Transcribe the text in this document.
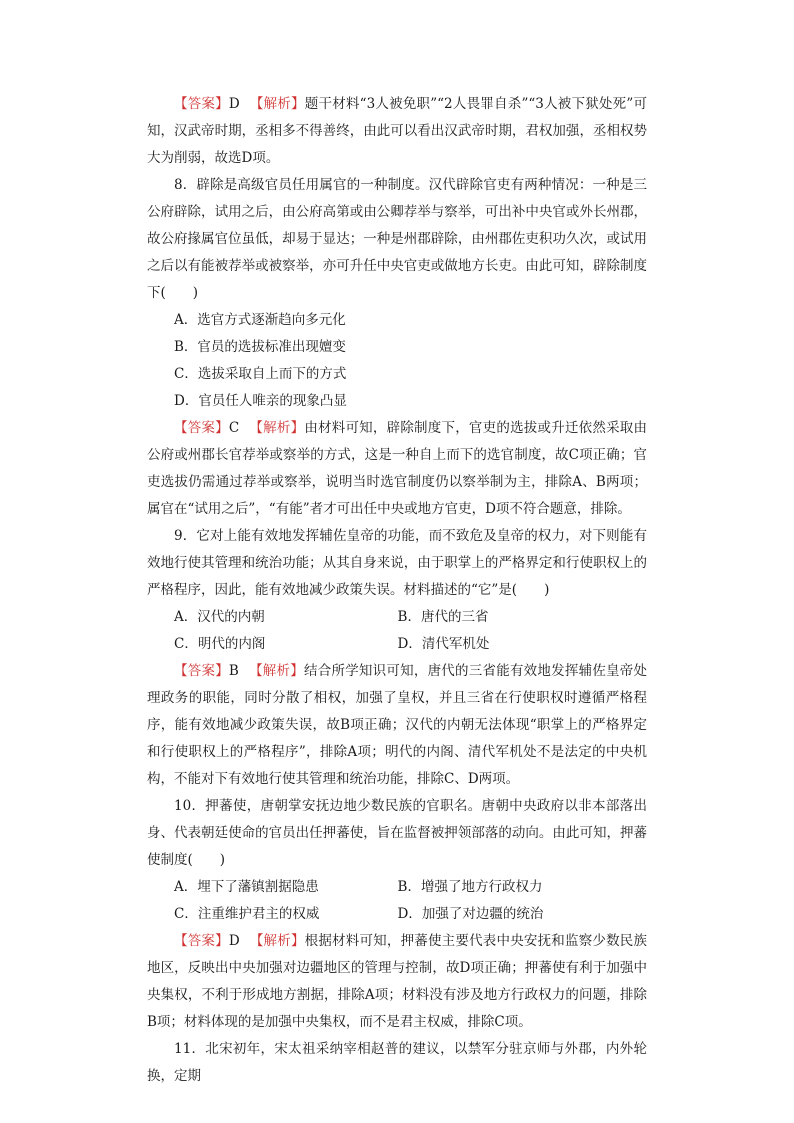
【答案】D 【解析】题干材料“3人被免职”“2人畏罪自杀”“3人被下狱处死”可知，汉武帝时期，丞相多不得善终，由此可以看出汉武帝时期，君权加强，丞相权势大为削弱，故选D项。

8．辟除是高级官员任用属官的一种制度。汉代辟除官吏有两种情况：一种是三公府辟除，试用之后，由公府高第或由公卿荐举与察举，可出补中央官或外长州郡，故公府掾属官位虽低，却易于显达；一种是州郡辟除，由州郡佐吏积功久次，或试用之后以有能被荐举或被察举，亦可升任中央官吏或做地方长吏。由此可知，辟除制度下(　　)

A．选官方式逐渐趋向多元化

B．官员的选拔标准出现嬗变

C．选拔采取自上而下的方式

D．官员任人唯亲的现象凸显

【答案】C 【解析】由材料可知，辟除制度下，官吏的选拔或升迁依然采取由公府或州郡长官荐举或察举的方式，这是一种自上而下的选官制度，故C项正确；官吏选拔仍需通过荐举或察举，说明当时选官制度仍以察举制为主，排除A、B两项；属官在“试用之后”，“有能”者才可出任中央或地方官吏，D项不符合题意，排除。

9．它对上能有效地发挥辅佐皇帝的功能，而不致危及皇帝的权力，对下则能有效地行使其管理和统治功能；从其自身来说，由于职掌上的严格界定和行使职权上的严格程序，因此，能有效地减少政策失误。材料描述的“它”是(　　)

A．汉代的内朝	B．唐代的三省
C．明代的内阁	D．清代军机处

【答案】B 【解析】结合所学知识可知，唐代的三省能有效地发挥辅佐皇帝处理政务的职能，同时分散了相权，加强了皇权，并且三省在行使职权时遵循严格程序，能有效地减少政策失误，故B项正确；汉代的内朝无法体现“职掌上的严格界定和行使职权上的严格程序”，排除A项；明代的内阁、清代军机处不是法定的中央机构，不能对下有效地行使其管理和统治功能，排除C、D两项。

10．押蕃使，唐朝掌安抚边地少数民族的官职名。唐朝中央政府以非本部落出身、代表朝廷使命的官员出任押蕃使，旨在监督被押领部落的动向。由此可知，押蕃使制度(　　)

A．埋下了藩镇割据隐患	B．增强了地方行政权力
C．注重维护君主的权威	D．加强了对边疆的统治

【答案】D 【解析】根据材料可知，押蕃使主要代表中央安抚和监察少数民族地区，反映出中央加强对边疆地区的管理与控制，故D项正确；押蕃使有利于加强中央集权，不利于形成地方割据，排除A项；材料没有涉及地方行政权力的问题，排除B项；材料体现的是加强中央集权，而不是君主权威，排除C项。

11．北宋初年，宋太祖采纳宰相赵普的建议，以禁军分驻京师与外郡，内外轮换，定期
